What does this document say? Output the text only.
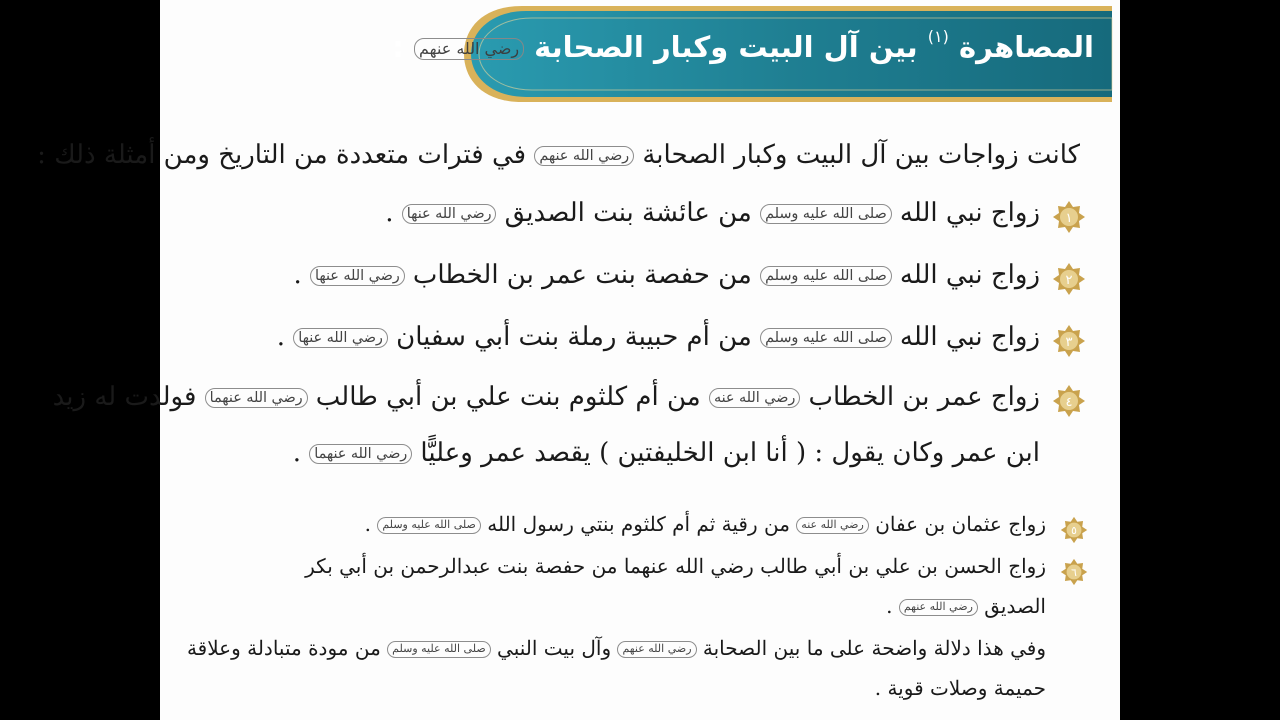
المصاهرة $^{(١)}$ بين آل البيت وكبار الصحابة رضي الله عنهم :
كانت زواجات بين آل البيت وكبار الصحابة رضي الله عنهم في فترات متعددة من التاريخ ومن أمثلة ذلك :
١
زواج نبي الله صلى الله عليه وسلم من عائشة بنت الصديق رضي الله عنها .
٢
زواج نبي الله صلى الله عليه وسلم من حفصة بنت عمر بن الخطاب رضي الله عنها .
٣
زواج نبي الله صلى الله عليه وسلم من أم حبيبة رملة بنت أبي سفيان رضي الله عنها .
٤
زواج عمر بن الخطاب رضي الله عنه من أم كلثوم بنت علي بن أبي طالب رضي الله عنهما فولدت له زيد
ابن عمر وكان يقول : ( أنا ابن الخليفتين ) يقصد عمر وعليًّا رضي الله عنهما .
٥
زواج عثمان بن عفان رضي الله عنه من رقية ثم أم كلثوم بنتي رسول الله صلى الله عليه وسلم .
٦
زواج الحسن بن علي بن أبي طالب رضي الله عنهما من حفصة بنت عبدالرحمن بن أبي بكر
الصديق رضي الله عنهم .
وفي هذا دلالة واضحة على ما بين الصحابة رضي الله عنهم وآل بيت النبي صلى الله عليه وسلم من مودة متبادلة وعلاقة
حميمة وصلات قوية .
